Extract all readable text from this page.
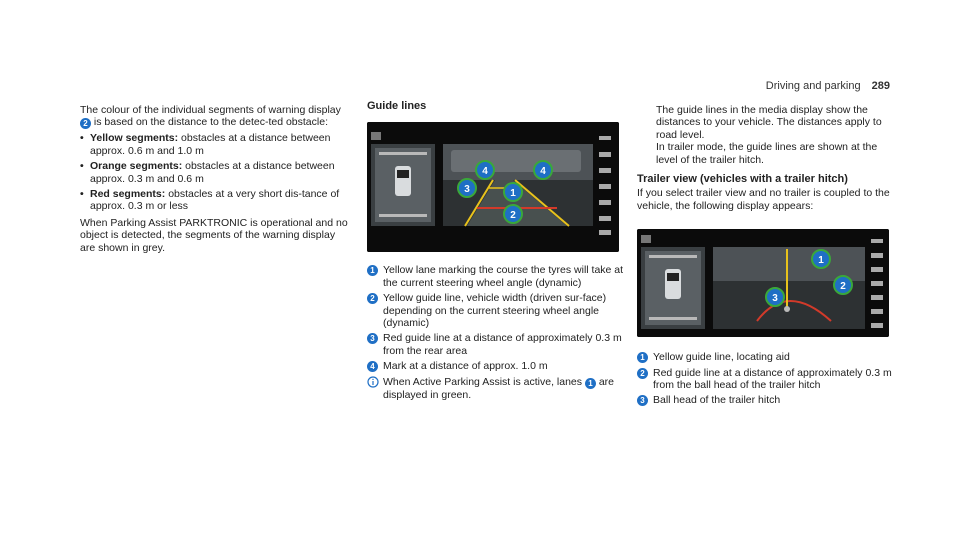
Driving and parking 289

The colour of the individual segments of warning display 2 is based on the distance to the detec-ted obstacle:

• Yellow segments: obstacles at a distance between approx. 0.6 m and 1.0 m
• Orange segments: obstacles at a distance between approx. 0.3 m and 0.6 m
• Red segments: obstacles at a very short dis-tance of approx. 0.3 m or less

When Parking Assist PARKTRONIC is operational and no object is detected, the segments of the warning display are shown in grey.

Guide lines
1
2
3
4	4
1 Yellow lane marking the course the tyres will take at the current steering wheel angle (dynamic)
2 Yellow guide line, vehicle width (driven sur-face) depending on the current steering wheel angle (dynamic)
3 Red guide line at a distance of approximately 0.3 m from the rear area
4 Mark at a distance of approx. 1.0 m
When Active Parking Assist is active, lanes 1 are displayed in green.

The guide lines in the media display show the distances to your vehicle. The distances apply to road level.
In trailer mode, the guide lines are shown at the level of the trailer hitch.

Trailer view (vehicles with a trailer hitch)

If you select trailer view and no trailer is coupled to the vehicle, the following display appears:

1
2
3
1 Yellow guide line, locating aid
2 Red guide line at a distance of approximately 0.3 m from the ball head of the trailer hitch
3 Ball head of the trailer hitch
